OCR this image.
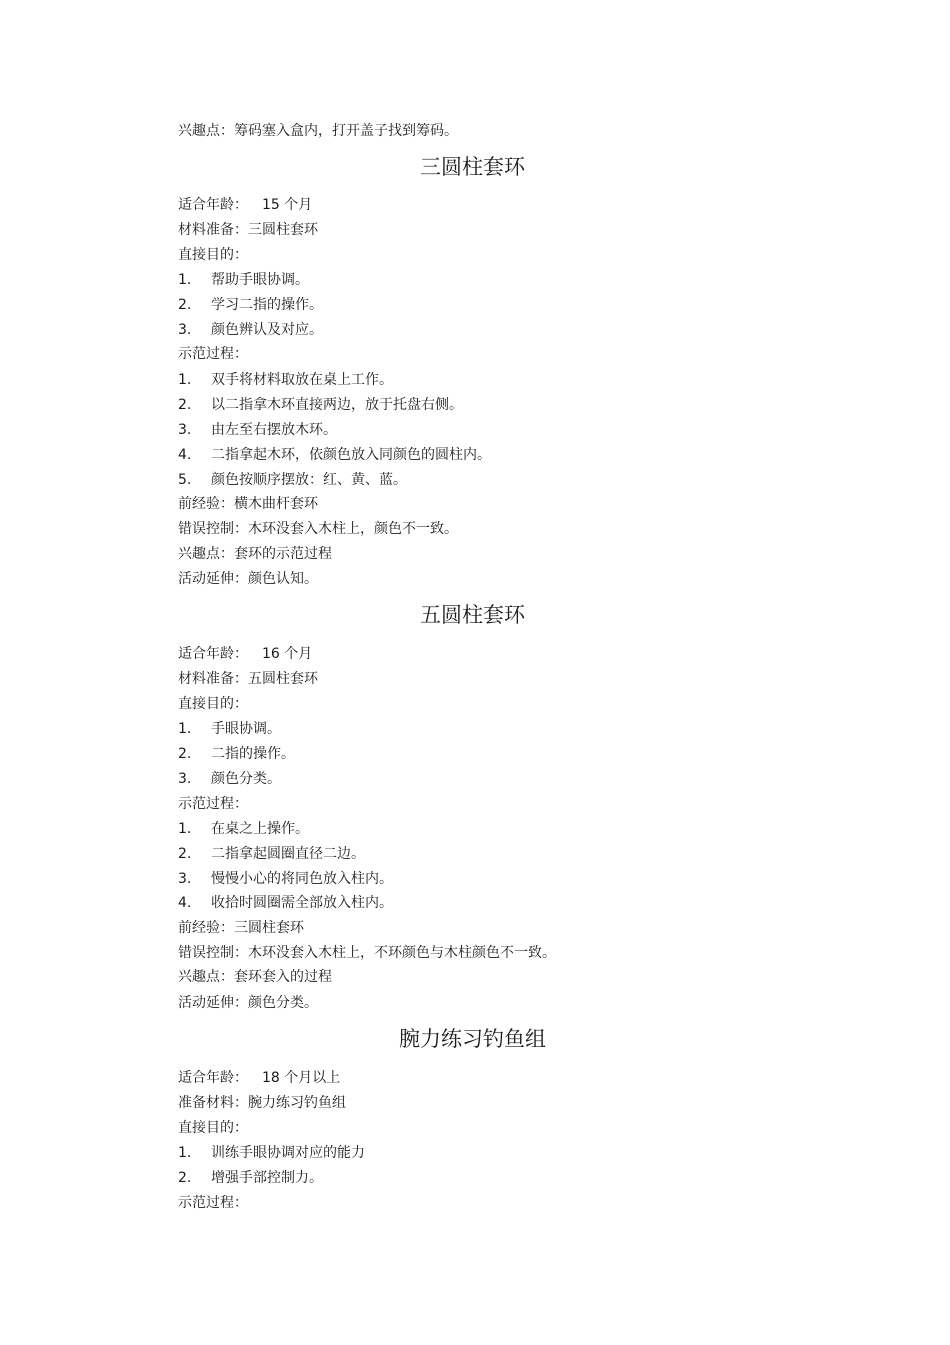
兴趣点：筹码塞入盒内，打开盖子找到筹码。
三圆柱套环
适合年龄： 15 个月
材料准备：三圆柱套环
直接目的：
1. 帮助手眼协调。
2. 学习二指的操作。
3. 颜色辨认及对应。
示范过程：
1. 双手将材料取放在桌上工作。
2. 以二指拿木环直接两边，放于托盘右侧。
3. 由左至右摆放木环。
4. 二指拿起木环，依颜色放入同颜色的圆柱内。
5. 颜色按顺序摆放：红、黄、蓝。
前经验：横木曲杆套环
错误控制：木环没套入木柱上，颜色不一致。
兴趣点：套环的示范过程
活动延伸：颜色认知。
五圆柱套环
适合年龄： 16 个月
材料准备：五圆柱套环
直接目的：
1. 手眼协调。
2. 二指的操作。
3. 颜色分类。
示范过程：
1. 在桌之上操作。
2. 二指拿起圆圈直径二边。
3. 慢慢小心的将同色放入柱内。
4. 收拾时圆圈需全部放入柱内。
前经验：三圆柱套环
错误控制：木环没套入木柱上，不环颜色与木柱颜色不一致。
兴趣点：套环套入的过程
活动延伸：颜色分类。
腕力练习钓鱼组
适合年龄： 18 个月以上
准备材料：腕力练习钓鱼组
直接目的：
1. 训练手眼协调对应的能力
2. 增强手部控制力。
示范过程：
